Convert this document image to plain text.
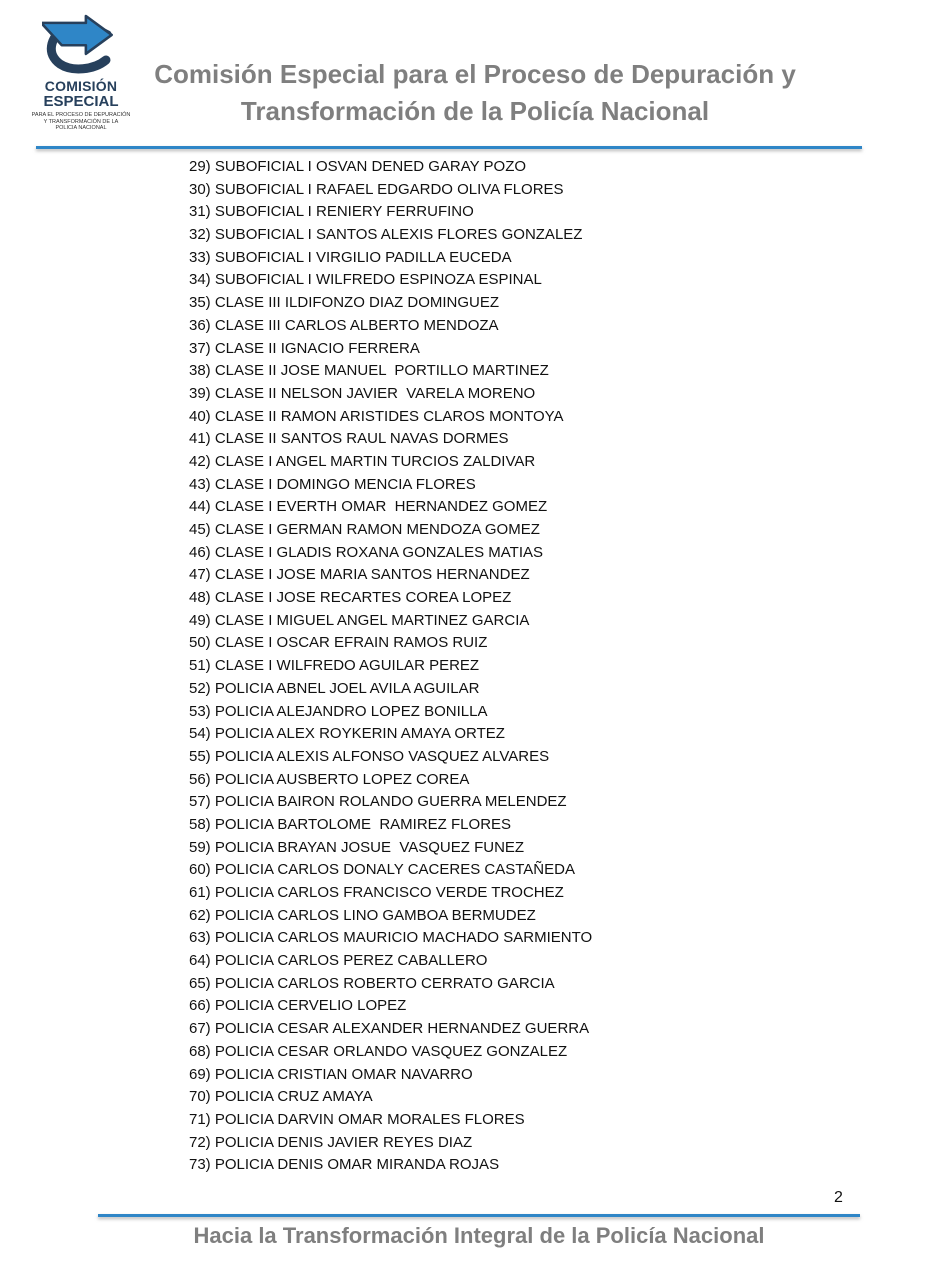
COMISIÓN
ESPECIAL
PARA EL PROCESO DE DEPURACIÓN
Y TRANSFORMACIÓN DE LA
POLICIA NACIONAL
Comisión Especial para el Proceso de Depuración y
Transformación de la Policía Nacional
29) SUBOFICIAL I OSVAN DENED GARAY POZO
30) SUBOFICIAL I RAFAEL EDGARDO OLIVA FLORES
31) SUBOFICIAL I RENIERY FERRUFINO
32) SUBOFICIAL I SANTOS ALEXIS FLORES GONZALEZ
33) SUBOFICIAL I VIRGILIO PADILLA EUCEDA
34) SUBOFICIAL I WILFREDO ESPINOZA ESPINAL
35) CLASE III ILDIFONZO DIAZ DOMINGUEZ
36) CLASE III CARLOS ALBERTO MENDOZA
37) CLASE II IGNACIO FERRERA
38) CLASE II JOSE MANUEL  PORTILLO MARTINEZ
39) CLASE II NELSON JAVIER  VARELA MORENO
40) CLASE II RAMON ARISTIDES CLAROS MONTOYA
41) CLASE II SANTOS RAUL NAVAS DORMES
42) CLASE I ANGEL MARTIN TURCIOS ZALDIVAR
43) CLASE I DOMINGO MENCIA FLORES
44) CLASE I EVERTH OMAR  HERNANDEZ GOMEZ
45) CLASE I GERMAN RAMON MENDOZA GOMEZ
46) CLASE I GLADIS ROXANA GONZALES MATIAS
47) CLASE I JOSE MARIA SANTOS HERNANDEZ
48) CLASE I JOSE RECARTES COREA LOPEZ
49) CLASE I MIGUEL ANGEL MARTINEZ GARCIA
50) CLASE I OSCAR EFRAIN RAMOS RUIZ
51) CLASE I WILFREDO AGUILAR PEREZ
52) POLICIA ABNEL JOEL AVILA AGUILAR
53) POLICIA ALEJANDRO LOPEZ BONILLA
54) POLICIA ALEX ROYKERIN AMAYA ORTEZ
55) POLICIA ALEXIS ALFONSO VASQUEZ ALVARES
56) POLICIA AUSBERTO LOPEZ COREA
57) POLICIA BAIRON ROLANDO GUERRA MELENDEZ
58) POLICIA BARTOLOME  RAMIREZ FLORES
59) POLICIA BRAYAN JOSUE  VASQUEZ FUNEZ
60) POLICIA CARLOS DONALY CACERES CASTAÑEDA
61) POLICIA CARLOS FRANCISCO VERDE TROCHEZ
62) POLICIA CARLOS LINO GAMBOA BERMUDEZ
63) POLICIA CARLOS MAURICIO MACHADO SARMIENTO
64) POLICIA CARLOS PEREZ CABALLERO
65) POLICIA CARLOS ROBERTO CERRATO GARCIA
66) POLICIA CERVELIO LOPEZ
67) POLICIA CESAR ALEXANDER HERNANDEZ GUERRA
68) POLICIA CESAR ORLANDO VASQUEZ GONZALEZ
69) POLICIA CRISTIAN OMAR NAVARRO
70) POLICIA CRUZ AMAYA
71) POLICIA DARVIN OMAR MORALES FLORES
72) POLICIA DENIS JAVIER REYES DIAZ
73) POLICIA DENIS OMAR MIRANDA ROJAS
2
Hacia la Transformación Integral de la Policía Nacional
